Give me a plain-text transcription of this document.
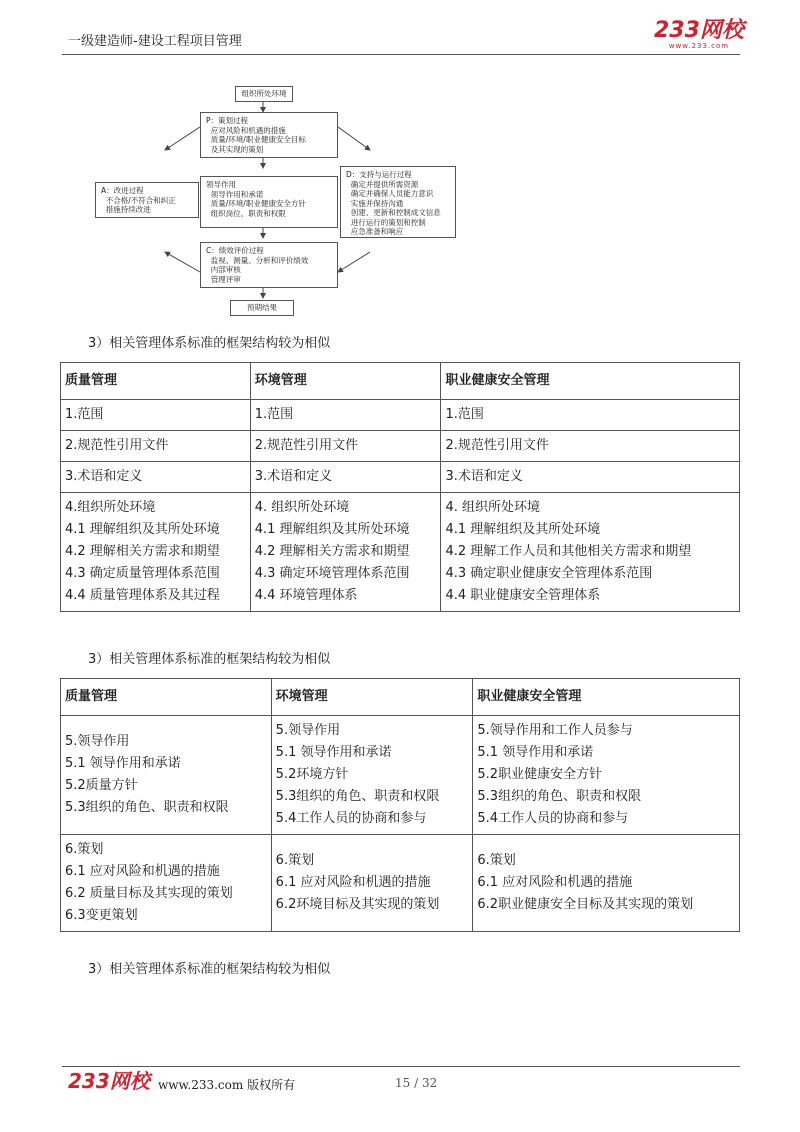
一级建造师-建设工程项目管理	233网校
www.233.com
组织所处环境
P：策划过程
应对风险和机遇的措施
质量/环境/职业健康安全目标
及其实现的策划
A：改进过程
不合格/不符合和纠正
措施持续改进
领导作用
领导作用和承诺
质量/环境/职业健康安全方针
组织岗位、职责和权限
D：支持与运行过程
确定并提供所需资源
确定并确保人员能力意识
实施并保持沟通
创建、更新和控制成文信息
进行运行的策划和控制
应急准备和响应
C：绩效评价过程
监视、测量、分析和评价绩效
内部审核
管理评审
预期结果
3）相关管理体系标准的框架结构较为相似
质量管理	环境管理	职业健康安全管理
1.范围	1.范围	1.范围
2.规范性引用文件	2.规范性引用文件	2.规范性引用文件
3.术语和定义	3.术语和定义	3.术语和定义

4.组织所处环境
4.1 理解组织及其所处环境
4.2 理解相关方需求和期望
4.3 确定质量管理体系范围
4.4 质量管理体系及其过程	4. 组织所处环境
4.1 理解组织及其所处环境
4.2 理解相关方需求和期望
4.3 确定环境管理体系范围
4.4 环境管理体系	4. 组织所处环境
4.1 理解组织及其所处环境
4.2 理解工作人员和其他相关方需求和期望
4.3 确定职业健康安全管理体系范围
4.4 职业健康安全管理体系
3）相关管理体系标准的框架结构较为相似
质量管理	环境管理	职业健康安全管理

5.领导作用
5.1 领导作用和承诺
5.2质量方针
5.3组织的角色、职责和权限	5.领导作用
5.1 领导作用和承诺
5.2环境方针
5.3组织的角色、职责和权限
5.4工作人员的协商和参与	5.领导作用和工作人员参与
5.1 领导作用和承诺
5.2职业健康安全方针
5.3组织的角色、职责和权限
5.4工作人员的协商和参与

6.策划
6.1 应对风险和机遇的措施
6.2 质量目标及其实现的策划
6.3变更策划	6.策划
6.1 应对风险和机遇的措施
6.2环境目标及其实现的策划	6.策划
6.1 应对风险和机遇的措施
6.2职业健康安全目标及其实现的策划
3）相关管理体系标准的框架结构较为相似
233网校 www.233.com 版权所有	15 / 32
